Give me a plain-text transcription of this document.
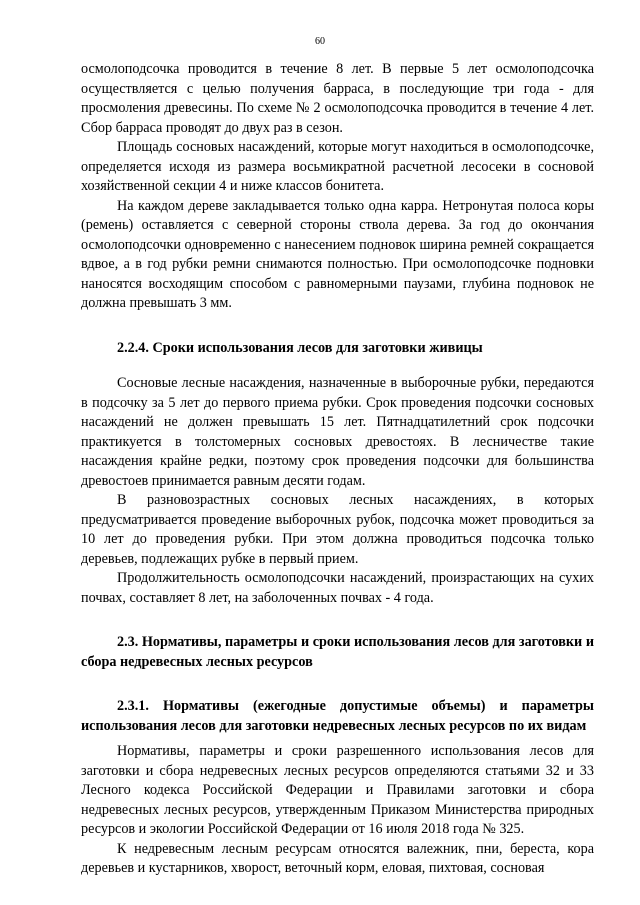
60

осмолоподсочка проводится в течение 8 лет. В первые 5 лет осмолоподсочка осуществляется с целью получения барраса, в последующие три года - для просмоления древесины. По схеме № 2 осмолоподсочка проводится в течение 4 лет. Сбор барраса проводят до двух раз в сезон.

Площадь сосновых насаждений, которые могут находиться в осмолоподсочке, определяется исходя из размера восьмикратной расчетной лесосеки в сосновой хозяйственной секции 4 и ниже классов бонитета.

На каждом дереве закладывается только одна карра. Нетронутая полоса коры (ремень) оставляется с северной стороны ствола дерева. За год до окончания осмолоподсочки одновременно с нанесением подновок ширина ремней сокращается вдвое, а в год рубки ремни снимаются полностью. При осмолоподсочке подновки наносятся восходящим способом с равномерными паузами, глубина подновок не должна превышать 3 мм.

2.2.4. Сроки использования лесов для заготовки живицы

Сосновые лесные насаждения, назначенные в выборочные рубки, передаются в подсочку за 5 лет до первого приема рубки. Срок проведения подсочки сосновых насаждений не должен превышать 15 лет. Пятнадцатилетний срок подсочки практикуется в толстомерных сосновых древостоях. В лесничестве такие насаждения крайне редки, поэтому срок проведения подсочки для большинства древостоев принимается равным десяти годам.

В разновозрастных сосновых лесных насаждениях, в которых предусматривается проведение выборочных рубок, подсочка может проводиться за 10 лет до проведения рубки. При этом должна проводиться подсочка только деревьев, подлежащих рубке в первый прием.

Продолжительность осмолоподсочки насаждений, произрастающих на сухих почвах, составляет 8 лет, на заболоченных почвах - 4 года.

2.3. Нормативы, параметры и сроки использования лесов для заготовки и сбора недревесных лесных ресурсов
2.3.1. Нормативы (ежегодные допустимые объемы) и параметры использования лесов для заготовки недревесных лесных ресурсов по их видам

Нормативы, параметры и сроки разрешенного использования лесов для заготовки и сбора недревесных лесных ресурсов определяются статьями 32 и 33 Лесного кодекса Российской Федерации и Правилами заготовки и сбора недревесных лесных ресурсов, утвержденным Приказом Министерства природных ресурсов и экологии Российской Федерации от 16 июля 2018 года № 325.

К недревесным лесным ресурсам относятся валежник, пни, береста, кора деревьев и кустарников, хворост, веточный корм, еловая, пихтовая, сосновая
